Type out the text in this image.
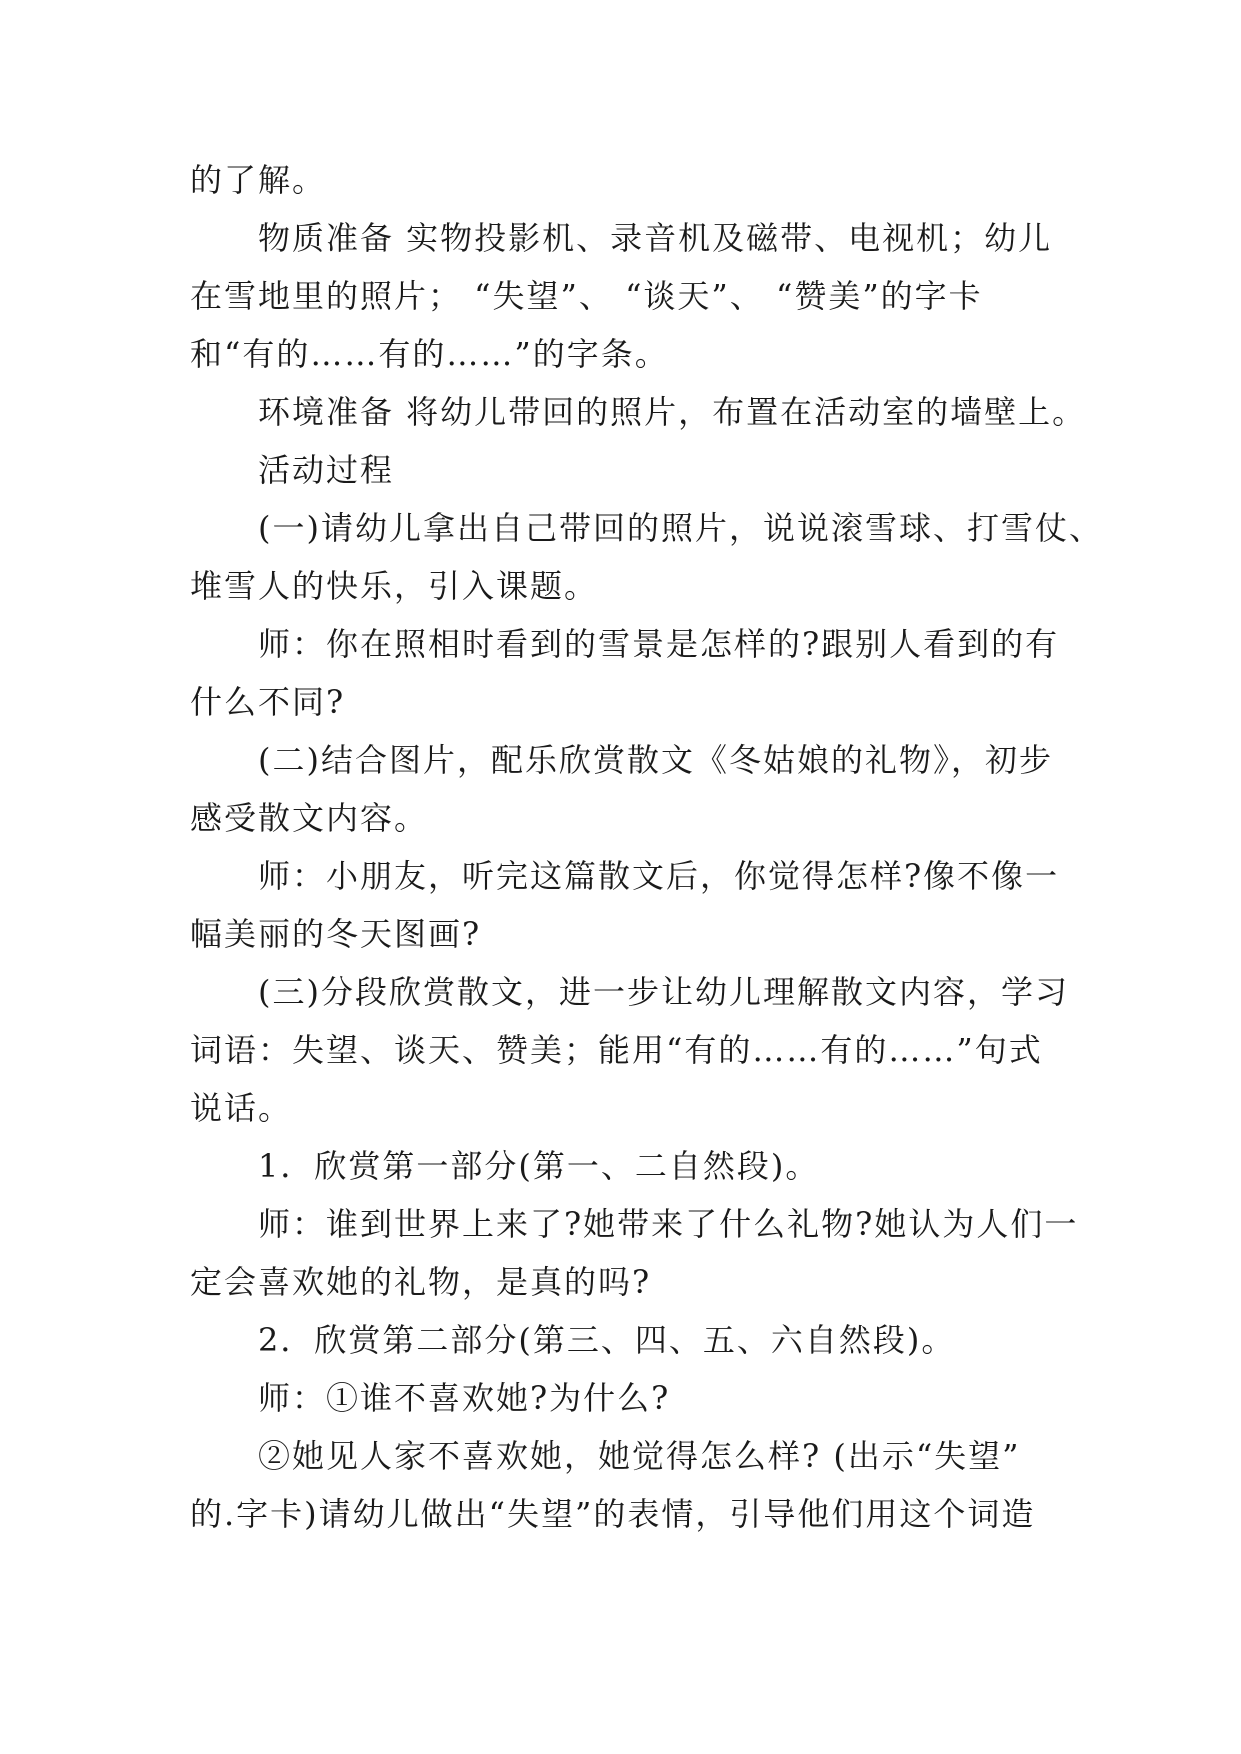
的了解。
物质准备 实物投影机、录音机及磁带、电视机；幼儿
在雪地里的照片； “失望”、 “谈天”、 “赞美”的字卡
和“有的……有的……”的字条。
环境准备 将幼儿带回的照片，布置在活动室的墙壁上。
活动过程
(一)请幼儿拿出自己带回的照片，说说滚雪球、打雪仗、
堆雪人的快乐，引入课题。
师：你在照相时看到的雪景是怎样的?跟别人看到的有
什么不同?
(二)结合图片，配乐欣赏散文《冬姑娘的礼物》，初步
感受散文内容。
师：小朋友，听完这篇散文后，你觉得怎样?像不像一
幅美丽的冬天图画?
(三)分段欣赏散文，进一步让幼儿理解散文内容，学习
词语：失望、谈天、赞美；能用“有的……有的……”句式
说话。
1．欣赏第一部分(第一、二自然段)。
师：谁到世界上来了?她带来了什么礼物?她认为人们一
定会喜欢她的礼物，是真的吗?
2．欣赏第二部分(第三、四、五、六自然段)。
师：①谁不喜欢她?为什么?
②她见人家不喜欢她，她觉得怎么样? (出示“失望”
的.字卡)请幼儿做出“失望”的表情，引导他们用这个词造
